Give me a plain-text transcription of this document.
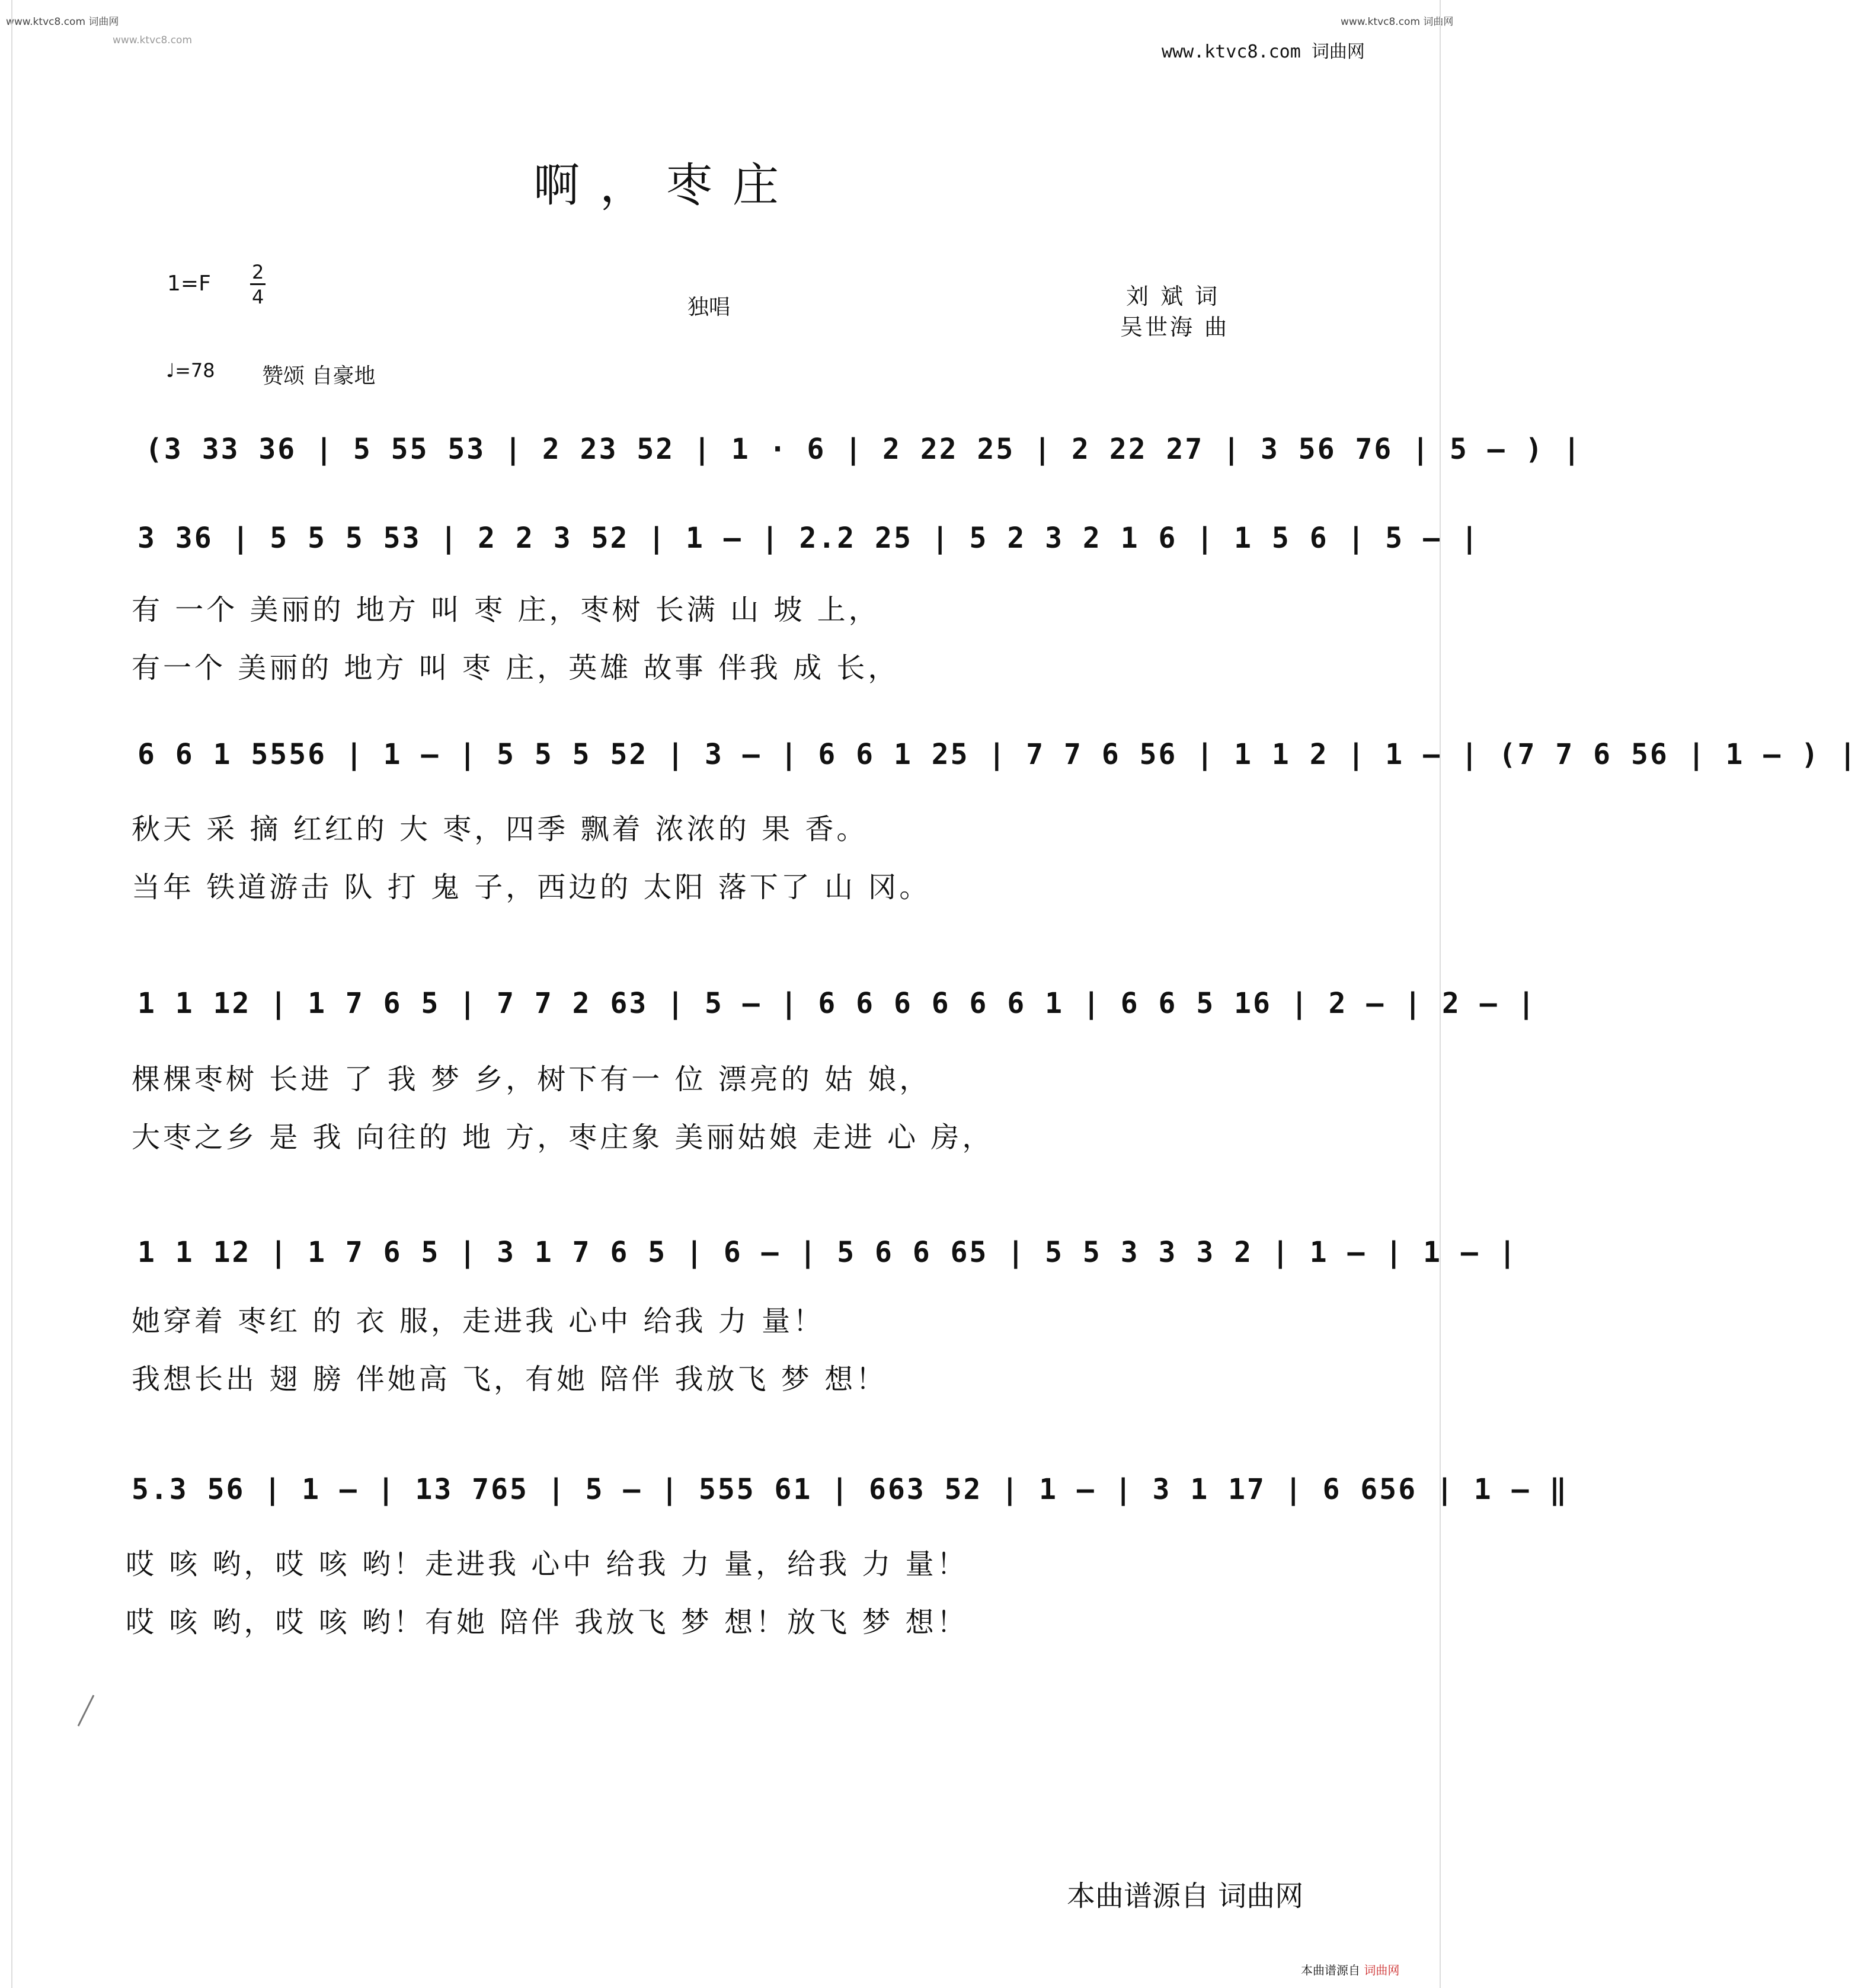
www.ktvc8.com 词曲网
www.ktvc8.com
www.ktvc8.com 词曲网
www.ktvc8.com 词曲网
啊，枣庄
1=F 2
4	独唱	刘 斌 词
吴世海 曲
♩=78 赞颂 自豪地
(3 33 36 | 5 55 53 | 2 23 52 | 1 · 6 | 2 22 25 | 2 22 27 | 3 56 76 | 5 – ) |
3 36 | 5 5 5 53 | 2 2 3 52 | 1 – | 2.2 25 | 5 2 3 2 1 6 | 1 5 6 | 5 – |
有 一个 美丽的 地方 叫 枣 庄，枣树 长满 山 坡 上，
有一个 美丽的 地方 叫 枣 庄，英雄 故事 伴我 成 长，
6 6 1 5556 | 1 – | 5 5 5 52 | 3 – | 6 6 1 25 | 7 7 6 56 | 1 1 2 | 1 – | (7 7 6 56 | 1 – ) |
秋天 采 摘 红红的 大 枣，四季 飘着 浓浓的 果 香。
当年 铁道游击 队 打 鬼 子，西边的 太阳 落下了 山 冈。
1 1 12 | 1 7 6 5 | 7 7 2 63 | 5 – | 6 6 6 6 6 6 1 | 6 6 5 16 | 2 – | 2 – |
棵棵枣树 长进 了 我 梦 乡，树下有一 位 漂亮的 姑 娘，
大枣之乡 是 我 向往的 地 方，枣庄象 美丽姑娘 走进 心 房，
1 1 12 | 1 7 6 5 | 3 1 7 6 5 | 6 – | 5 6 6 65 | 5 5 3 3 3 2 | 1 – | 1 – |
她穿着 枣红 的 衣 服，走进我 心中 给我 力 量！
我想长出 翅 膀 伴她高 飞，有她 陪伴 我放飞 梦 想！
5.3 56 | 1 – | 13 765 | 5 – | 555 61 | 663 52 | 1 – | 3 1 17 | 6 656 | 1 – ‖
哎 咳 哟，哎 咳 哟！走进我 心中 给我 力 量，给我 力 量！
哎 咳 哟，哎 咳 哟！有她 陪伴 我放飞 梦 想！放飞 梦 想！
本曲谱源自 词曲网
本曲谱源自 词曲网
